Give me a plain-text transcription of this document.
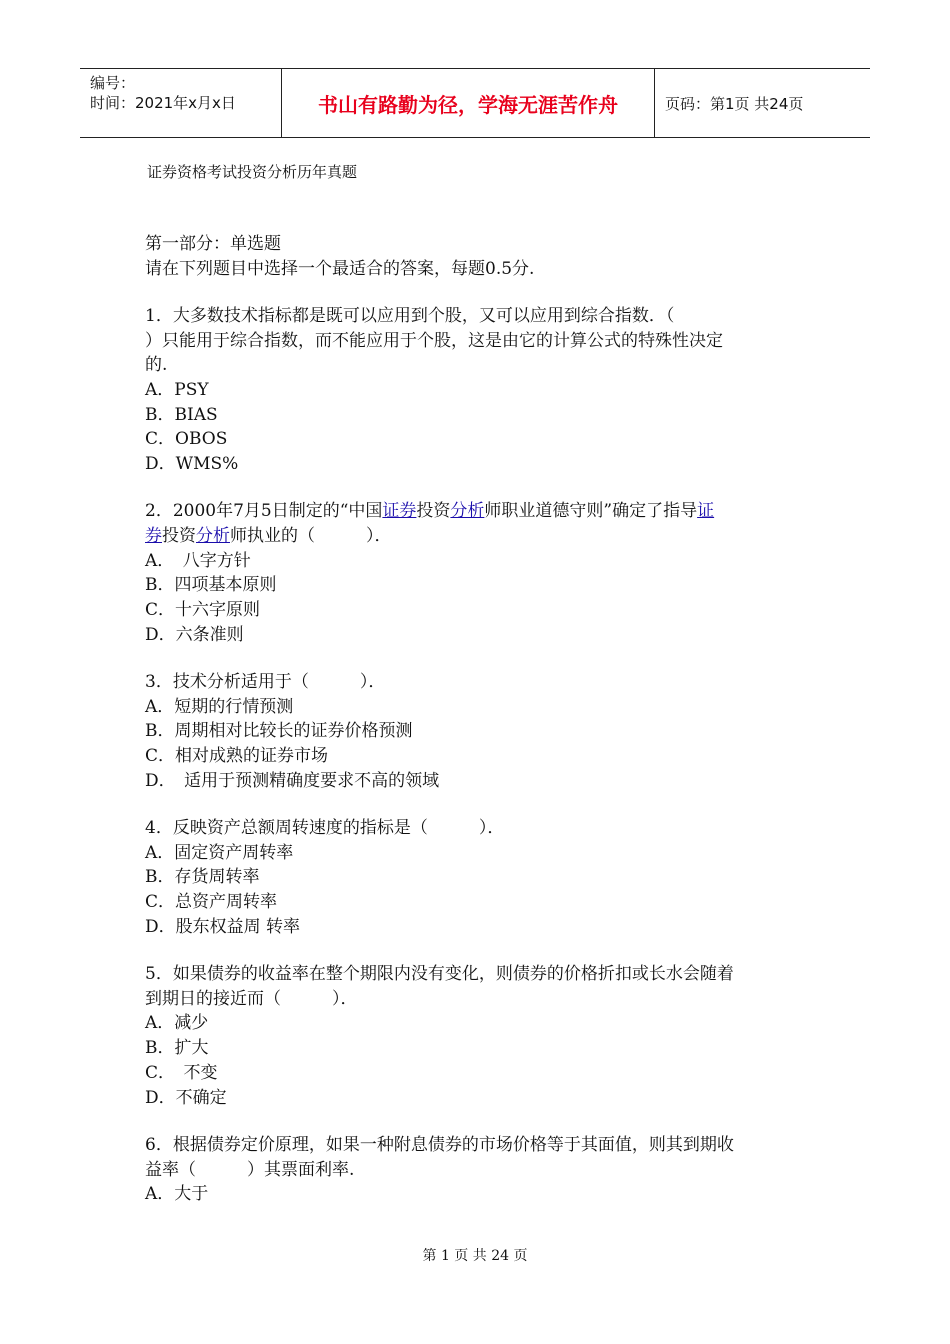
编号：
时间：2021年x月x日	书山有路勤为径，学海无涯苦作舟	页码：第1页 共24页
证券资格考试投资分析历年真题

第一部分：单选题

请在下列题目中选择一个最适合的答案，每题0.5分.

1．大多数技术指标都是既可以应用到个股，又可以应用到综合指数．（

）只能用于综合指数，而不能应用于个股，这是由它的计算公式的特殊性决定

的.

A．PSY

B．BIAS

C．OBOS

D．WMS%

2．2000年7月5日制定的“中国证券投资分析师职业道德守则”确定了指导证

券投资分析师执业的（　　　）．

A．　八字方针

B．四项基本原则

C．十六字原则

D．六条准则

3．技术分析适用于（　　　）．

A．短期的行情预测

B．周期相对比较长的证券价格预测

C．相对成熟的证券市场

D．　适用于预测精确度要求不高的领域

4．反映资产总额周转速度的指标是（　　　）．

A．固定资产周转率

B．存货周转率

C．总资产周转率

D．股东权益周 转率

5．如果债券的收益率在整个期限内没有变化，则债券的价格折扣或长水会随着

到期日的接近而（　　　）．

A．减少

B．扩大

C．　不变

D．不确定

6．根据债券定价原理，如果一种附息债券的市场价格等于其面值，则其到期收

益率（　　　）其票面利率.

A．大于

第 1 页 共 24 页
